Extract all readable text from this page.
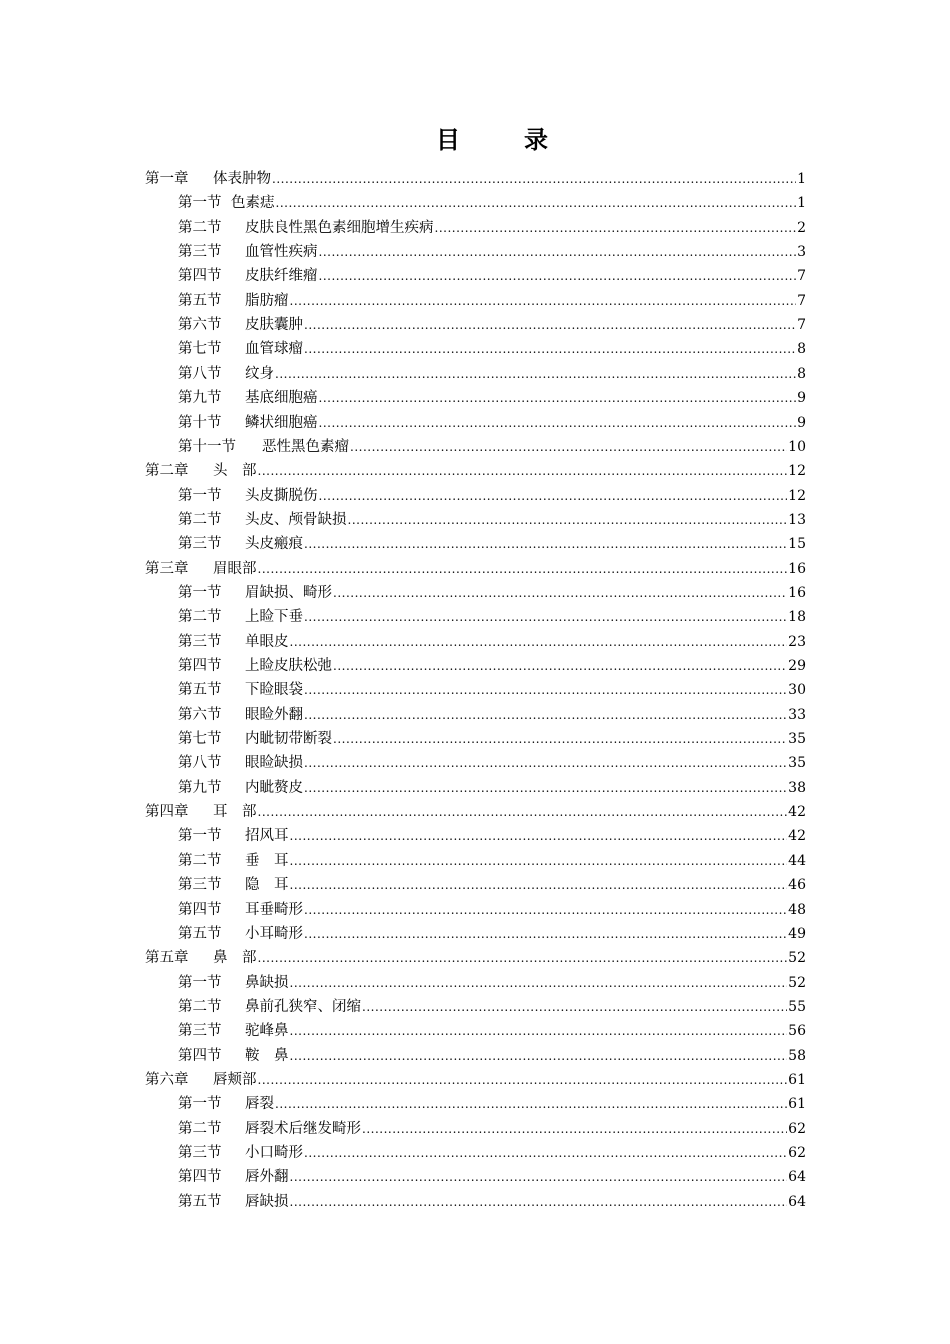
目　录
第一章 体表肿物 .....	1
第一节 色素痣 .....	1
第二节 皮肤良性黑色素细胞增生疾病 .....	2
第三节 血管性疾病 .....	3
第四节 皮肤纤维瘤 .....	7
第五节 脂肪瘤 .....	7
第六节 皮肤囊肿 .....	7
第七节 血管球瘤 .....	8
第八节 纹身 .....	8
第九节 基底细胞癌 .....	9
第十节 鳞状细胞癌 .....	9
第十一节 恶性黑色素瘤 .....	10
第二章 头　部 .....	12
第一节 头皮撕脱伤 .....	12
第二节 头皮、颅骨缺损 .....	13
第三节 头皮瘢痕 .....	15
第三章 眉眼部 .....	16
第一节 眉缺损、畸形 .....	16
第二节 上睑下垂 .....	18
第三节 单眼皮 .....	23
第四节 上睑皮肤松弛 .....	29
第五节 下睑眼袋 .....	30
第六节 眼睑外翻 .....	33
第七节 内眦韧带断裂 .....	35
第八节 眼睑缺损 .....	35
第九节 内眦赘皮 .....	38
第四章 耳　部 .....	42
第一节 招风耳 .....	42
第二节 垂　耳 .....	44
第三节 隐　耳 .....	46
第四节 耳垂畸形 .....	48
第五节 小耳畸形 .....	49
第五章 鼻　部 .....	52
第一节 鼻缺损 .....	52
第二节 鼻前孔狭窄、闭缩 .....	55
第三节 驼峰鼻 .....	56
第四节 鞍　鼻 .....	58
第六章 唇颊部 .....	61
第一节 唇裂 .....	61
第二节 唇裂术后继发畸形 .....	62
第三节 小口畸形 .....	62
第四节 唇外翻 .....	64
第五节 唇缺损 .....	64
